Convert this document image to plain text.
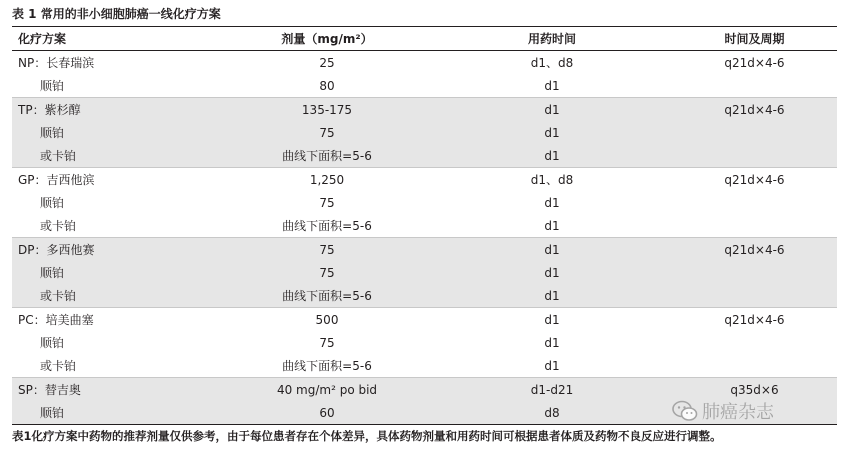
表 1 常用的非小细胞肺癌一线化疗方案
化疗方案	剂量（mg/m²）	用药时间	时间及周期
NP：长春瑞滨	25	d1、d8	q21d×4-6
顺铂	80	d1
TP：紫杉醇	135-175	d1	q21d×4-6
顺铂	75	d1
或卡铂	曲线下面积=5-6	d1
GP：吉西他滨	1,250	d1、d8	q21d×4-6
顺铂	75	d1
或卡铂	曲线下面积=5-6	d1
DP：多西他赛	75	d1	q21d×4-6
顺铂	75	d1
或卡铂	曲线下面积=5-6	d1
PC：培美曲塞	500	d1	q21d×4-6
顺铂	75	d1
或卡铂	曲线下面积=5-6	d1
SP：替吉奥	40 mg/m² po bid	d1-d21	q35d×6
顺铂	60	d8	肺癌杂志
表1化疗方案中药物的推荐剂量仅供参考，由于每位患者存在个体差异，具体药物剂量和用药时间可根据患者体质及药物不良反应进行调整。
